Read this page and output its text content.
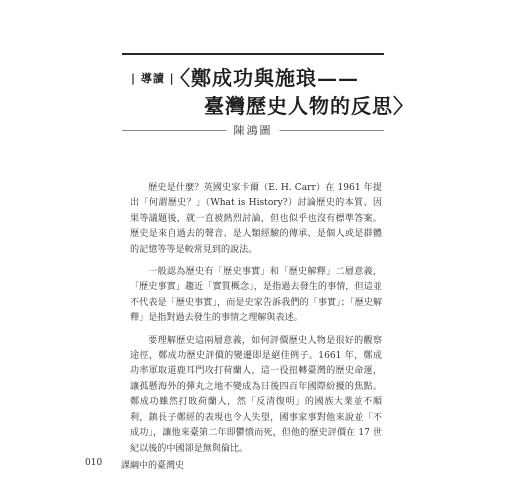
| 導讀 |
〈鄭成功與施琅——
臺灣歷史人物的反思〉
陳鴻圖

歷史是什麼？英國史家卡爾（E. H. Carr）在 1961 年提出「何謂歷史？」（What is History?）討論歷史的本質、因果等議題後，就一直被熱烈討論，但也似乎也沒有標準答案。歷史是來自過去的聲音、是人類經驗的傳承、是個人或是群體的記憶等等是較常見到的說法。

一般認為歷史有「歷史事實」和「歷史解釋」二層意義，「歷史事實」趨近「實質概念」，是指過去發生的事情，但這並不代表是「歷史事實」，而是史家告訴我們的「事實」；「歷史解釋」是指對過去發生的事情之理解與表述。

要理解歷史這兩層意義，如何評價歷史人物是很好的觀察途徑，鄭成功歷史評價的變遷即是絕佳例子。1661 年，鄭成功率軍取道鹿耳門攻打荷蘭人，這一役扭轉臺灣的歷史命運，讓孤懸海外的彈丸之地不變成為日後四百年國際紛擾的焦點。鄭成功雖然打敗荷蘭人，然「反清復明」的國族大業並不順利，鎮長子鄭經的表現也令人失望，國事家事對他來說並「不成功」，讓他來臺第二年即鬱憤而死，但他的歷史評價在 17 世紀以後的中國卻是無與倫比。

010 課綱中的臺灣史
